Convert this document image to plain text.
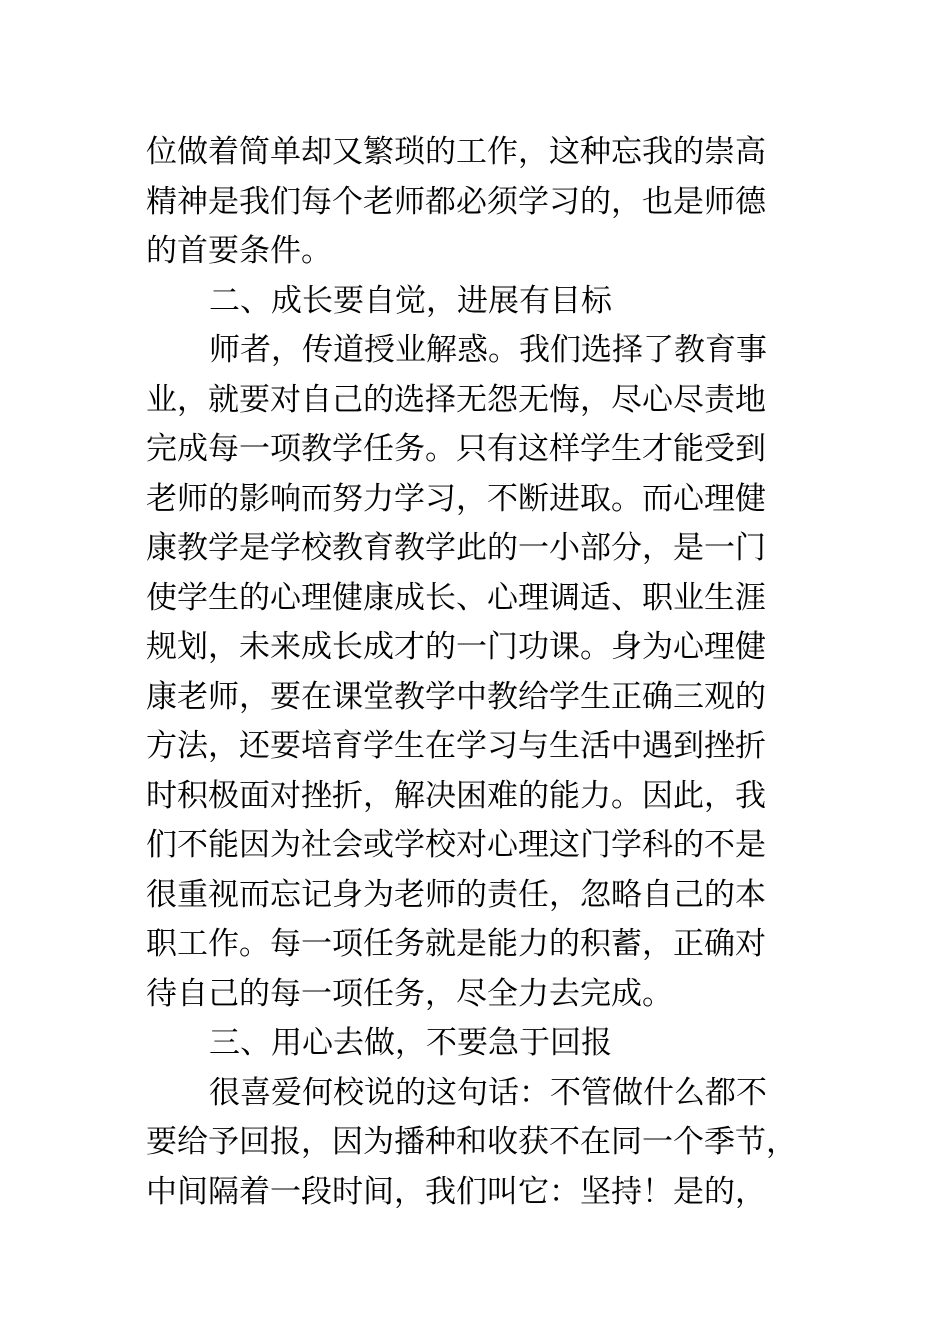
位做着简单却又繁琐的工作，这种忘我的崇高
精神是我们每个老师都必须学习的，也是师德
的首要条件。
二、成长要自觉，进展有目标
师者，传道授业解惑。我们选择了教育事
业，就要对自己的选择无怨无悔，尽心尽责地
完成每一项教学任务。只有这样学生才能受到
老师的影响而努力学习，不断进取。而心理健
康教学是学校教育教学此的一小部分，是一门
使学生的心理健康成长、心理调适、职业生涯
规划，未来成长成才的一门功课。身为心理健
康老师，要在课堂教学中教给学生正确三观的
方法，还要培育学生在学习与生活中遇到挫折
时积极面对挫折，解决困难的能力。因此，我
们不能因为社会或学校对心理这门学科的不是
很重视而忘记身为老师的责任，忽略自己的本
职工作。每一项任务就是能力的积蓄，正确对
待自己的每一项任务，尽全力去完成。
三、用心去做，不要急于回报
很喜爱何校说的这句话：不管做什么都不
要给予回报，因为播种和收获不在同一个季节，
中间隔着一段时间，我们叫它：坚持！是的，
